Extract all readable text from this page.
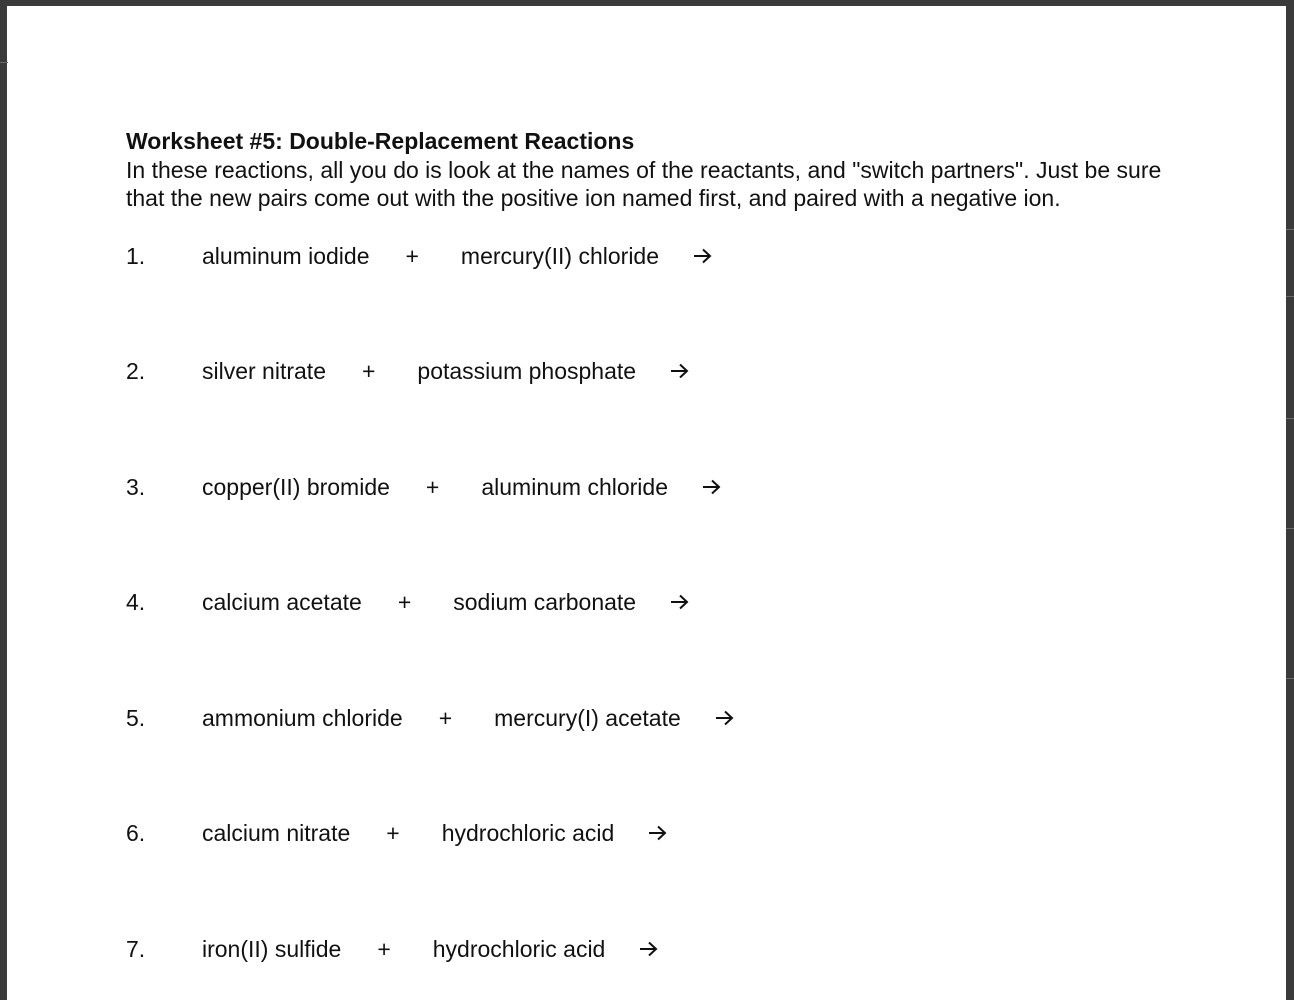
Worksheet #5: Double-Replacement Reactions

In these reactions, all you do is look at the names of the reactants, and "switch partners". Just be sure that the new pairs come out with the positive ion named first, and paired with a negative ion.

1.	aluminum iodide + mercury(II) chloride
2.	silver nitrate + potassium phosphate
3.	copper(II) bromide + aluminum chloride
4.	calcium acetate + sodium carbonate
5.	ammonium chloride + mercury(I) acetate
6.	calcium nitrate + hydrochloric acid
7.	iron(II) sulfide + hydrochloric acid
